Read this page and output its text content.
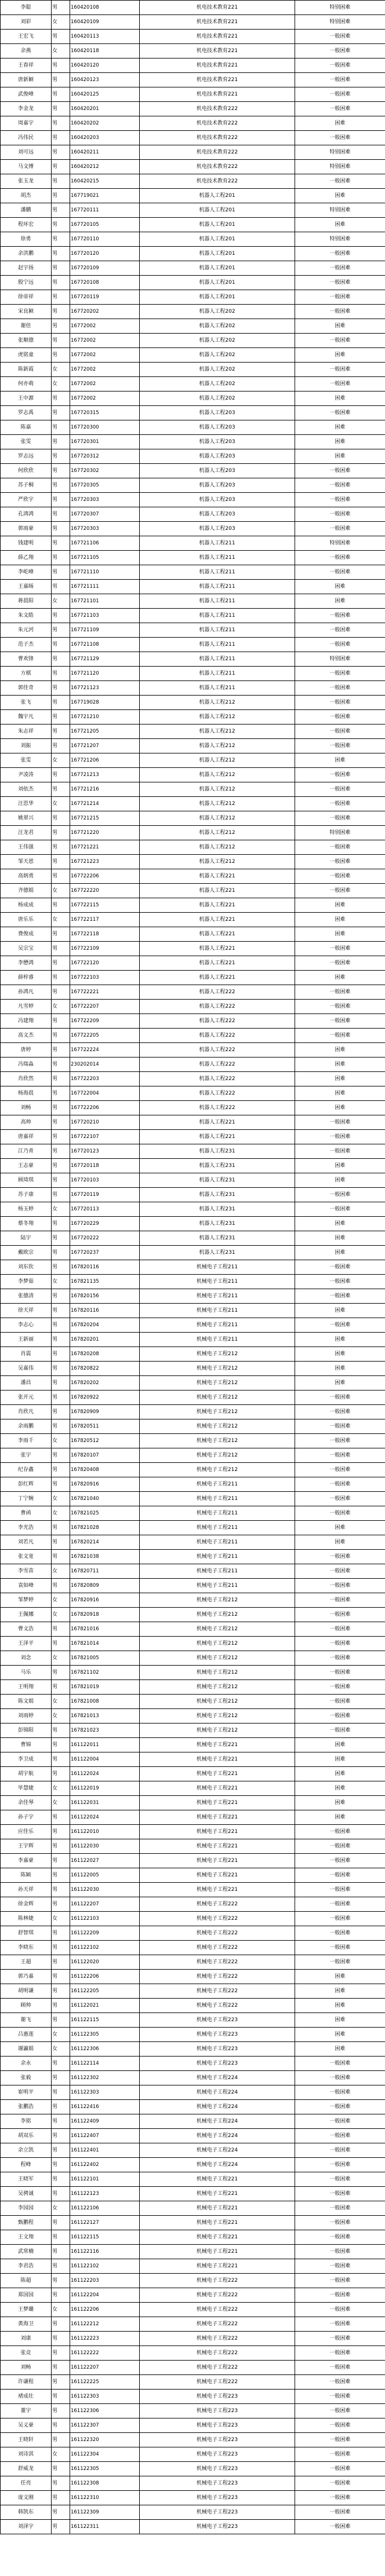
李聪	男	160420108	机电技术教育221	特别困难
刘彩	女	160420109	机电技术教育221	特别困难
王宏飞	男	160420113	机电技术教育221	一般困难
余燕	女	160420118	机电技术教育221	一般困难
王春祥	男	160420120	机电技术教育221	一般困难
唐新颖	男	160420123	机电技术教育221	一般困难
武俊峰	男	160420125	机电技术教育221	一般困难
李金龙	男	160420201	机电技术教育222	一般困难
周嘉宇	男	160420202	机电技术教育222	困难
冯伟民	男	160420203	机电技术教育222	一般困难
刘可远	男	160420211	机电技术教育222	特别困难
马文博	男	160420212	机电技术教育222	特别困难
张玉龙	男	160420215	机电技术教育222	一般困难
胡杰	男	167719021	机器人工程201	困难
潘鹏	男	167720111	机器人工程201	特别困难
程环宏	男	167720105	机器人工程201	困难
徐勇	男	167720110	机器人工程201	特别困难
余洪鹏	男	167720120	机器人工程201	一般困难
赵宇扬	男	167720109	机器人工程201	一般困难
殷宁远	男	167720108	机器人工程201	一般困难
徐帝祥	男	167720119	机器人工程201	一般困难
宋良颖	男	167720202	机器人工程202	一般困难
谢佳	男	16772002	机器人工程202	困难
张顺德	男	16772002	机器人工程202	一般困难
虎铭童	男	16772002	机器人工程202	困难
陈新霞	女	16772002	机器人工程202	一般困难
何亦萌	女	16772002	机器人工程202	一般困难
王中源	男	16772002	机器人工程202	困难
罗志禹	男	167720315	机器人工程203	一般困难
陈嘉	男	167720300	机器人工程203	困难
张雯	男	167720301	机器人工程203	困难
罗志远	男	167720312	机器人工程203	困难
何欣欣	男	167720302	机器人工程203	一般困难
苏子桐	男	167720305	机器人工程203	一般困难
严欣宇	男	167720303	机器人工程203	一般困难
孔鸿鸿	男	167720307	机器人工程203	一般困难
郭雨豪	男	167720303	机器人工程203	一般困难
钱建明	男	167721106	机器人工程211	特别困难
薛乙翔	男	167721105	机器人工程211	一般困难
李屹峰	男	167721110	机器人工程211	一般困难
王嘉旸	男	167721111	机器人工程211	困难
蒋晨阳	女	167721101	机器人工程211	困难
朱文皓	男	167721103	机器人工程211	一般困难
朱元河	男	167721109	机器人工程211	一般困难
范子杰	男	167721108	机器人工程211	一般困难
曹欢锋	男	167721129	机器人工程211	特别困难
方棋	男	167721120	机器人工程211	一般困难
郭佳奇	男	167721123	机器人工程211	一般困难
张飞	男	167719028	机器人工程212	一般困难
魏宇凡	男	167721210	机器人工程212	一般困难
朱志祥	男	167721205	机器人工程212	一般困难
刘振	男	167721207	机器人工程212	一般困难
张雯	女	167721206	机器人工程212	困难
尹凌涛	男	167721213	机器人工程212	一般困难
刘依杰	男	167721216	机器人工程212	一般困难
汪思华	女	167721214	机器人工程212	一般困难
姚翠兴	男	167721215	机器人工程212	一般困难
汪龙君	男	167721220	机器人工程212	特别困难
王伟强	男	167721221	机器人工程212	一般困难
邹天恩	男	167721223	机器人工程212	一般困难
高炳勇	男	167722206	机器人工程221	一般困难
齐德娟	女	167722220	机器人工程221	一般困难
杨成成	男	167722115	机器人工程221	困难
唐乐乐	女	167722117	机器人工程221	困难
费俊成	男	167722118	机器人工程221	困难
吴宗宝	男	167722109	机器人工程221	一般困难
李懋鸿	男	167722120	机器人工程221	一般困难
薛梓睿	男	167722103	机器人工程221	困难
孙鸿凡	男	167722221	机器人工程222	一般困难
凡雪婷	女	167722207	机器人工程222	一般困难
冯建翔	男	167722209	机器人工程222	一般困难
高文杰	男	167722205	机器人工程222	一般困难
唐婷	男	167722224	机器人工程222	困难
冯瑞淼	男	230202014	机器人工程222	困难
肖欣然	男	167722203	机器人工程222	困难
杨海晨	男	167722004	机器人工程222	困难
刘畅	男	167722206	机器人工程222	困难
高帅	男	167720210	机器人工程221	一般困难
唐嘉祥	男	167722107	机器人工程221	一般困难
江乃青	男	167720123	机器人工程231	一般困难
王志豪	男	167720118	机器人工程231	困难
顾琦琪	男	167720103	机器人工程231	困难
苏子康	男	167720119	机器人工程231	一般困难
杨玉婷	女	167720113	机器人工程231	一般困难
蔡冬翔	男	167720229	机器人工程231	困难
陆宇	男	167720222	机器人工程231	困难
戴欧宗	男	167720237	机器人工程231	困难
刘东钦	男	167820116	机械电子工程211	一般困难
李梦茹	女	167821135	机械电子工程211	一般困难
张德清	男	167820156	机械电子工程211	一般困难
徐天祥	男	167820116	机械电子工程211	困难
李志心	男	167820204	机械电子工程211	一般困难
王新丽	男	167820201	机械电子工程211	困难
肖震	男	167820208	机械电子工程212	困难
吴嘉伟	男	167820822	机械电子工程212	困难
潘昌	男	167820202	机械电子工程212	困难
张开元	男	167820922	机械电子工程212	一般困难
肖欣凡	男	167820909	机械电子工程212	一般困难
余雨鹏	男	167820511	机械电子工程212	一般困难
李雨千	女	167820512	机械电子工程212	一般困难
张宇	男	167820107	机械电子工程212	一般困难
纪存鑫	男	167820408	机械电子工程212	一般困难
彭红辉	男	167820916	机械电子工程211	一般困难
丁宁婉	女	167821040	机械电子工程211	一般困难
曹函	女	167821025	机械电子工程211	一般困难
李光浩	男	167821028	机械电子工程211	困难
刘若凡	男	167820214	机械电子工程211	困难
张文宽	男	167821038	机械电子工程211	一般困难
李雪苗	女	167820711	机械电子工程211	一般困难
袁如峰	男	167820809	机械电子工程211	一般困难
邹梦婷	女	167820916	机械电子工程212	一般困难
王佩娜	女	167820918	机械电子工程212	一般困难
曹文浩	男	167821016	机械电子工程212	一般困难
王泽平	男	167821014	机械电子工程212	一般困难
刘念	女	167821005	机械电子工程212	一般困难
马乐	男	167821102	机械电子工程212	一般困难
王明翔	男	167821019	机械电子工程212	一般困难
陈文娟	女	167821008	机械电子工程212	一般困难
刘雨婷	女	167821013	机械电子工程212	一般困难
彭锦阳	男	167821023	机械电子工程212	一般困难
曹锦	男	161122011	机械电子工程221	困难
李卫成	男	161122004	机械电子工程221	困难
胡宇航	男	161122024	机械电子工程221	困难
毕慧婕	女	161122019	机械电子工程221	困难
余佳琴	女	161122031	机械电子工程221	困难
孙子宇	男	161122024	机械电子工程221	困难
应佳乐	男	161122010	机械电子工程221	一般困难
王宇辉	男	161122030	机械电子工程221	一般困难
李嘉豪	男	161122027	机械电子工程221	一般困难
陈颖	男	161122005	机械电子工程221	一般困难
孙天祥	男	161122030	机械电子工程221	一般困难
徐金辉	男	161122207	机械电子工程222	一般困难
陈林婕	女	161122103	机械电子工程222	一般困难
舒智琪	男	161122209	机械电子工程222	一般困难
李晓东	男	161122102	机械电子工程222	一般困难
王超	男	161122020	机械电子工程222	一般困难
郭乃嘉	男	161122206	机械电子工程222	困难
胡明谦	男	161122205	机械电子工程222	困难
顾帅	男	161122021	机械电子工程222	困难
谢飞	男	161122115	机械电子工程223	困难
吕惠莲	女	161122305	机械电子工程223	困难
谢瀛娟	女	161122306	机械电子工程223	困难
余永	男	161122114	机械电子工程223	一般困难
张毅	男	161122302	机械电子工程224	一般困难
崔明平	男	161122303	机械电子工程224	一般困难
张鹏浩	男	161122416	机械电子工程224	一般困难
李铭	男	161122409	机械电子工程224	一般困难
胡双乐	男	161122407	机械电子工程224	一般困难
余立凯	男	161122401	机械电子工程224	一般困难
程峰	男	161122402	机械电子工程224	一般困难
王晓军	男	161122101	机械电子工程221	一般困难
吴骋诚	男	161122123	机械电子工程221	一般困难
李园园	女	161122106	机械电子工程221	一般困难
甄鹏程	男	161122127	机械电子工程221	一般困难
王文翔	男	161122115	机械电子工程221	一般困难
武常楠	男	161122116	机械电子工程221	一般困难
李君浩	男	161122102	机械电子工程221	一般困难
陈超	男	161122203	机械电子工程222	一般困难
郑国园	男	161122204	机械电子工程222	一般困难
王梦璐	女	161122206	机械电子工程222	一般困难
黄海卫	男	161122212	机械电子工程222	一般困难
刘康	男	161122223	机械电子工程222	一般困难
张竞	男	161122222	机械电子工程222	一般困难
刘畅	男	161122207	机械电子工程222	一般困难
许谦程	男	161122225	机械电子工程222	一般困难
褚成壮	男	161122303	机械电子工程223	一般困难
董宇	男	161122306	机械电子工程223	一般困难
吴义豪	男	161122307	机械电子工程223	一般困难
王晓轩	男	161122320	机械电子工程223	一般困难
刘诗淇	女	161122304	机械电子工程223	一般困难
舒威龙	男	161122305	机械电子工程223	一般困难
任亮	男	161122308	机械电子工程223	一般困难
庞文刚	男	161122310	机械电子工程223	一般困难
韩凯东	男	161122309	机械电子工程223	一般困难
刘泽宇	男	161122311	机械电子工程223	一般困难
